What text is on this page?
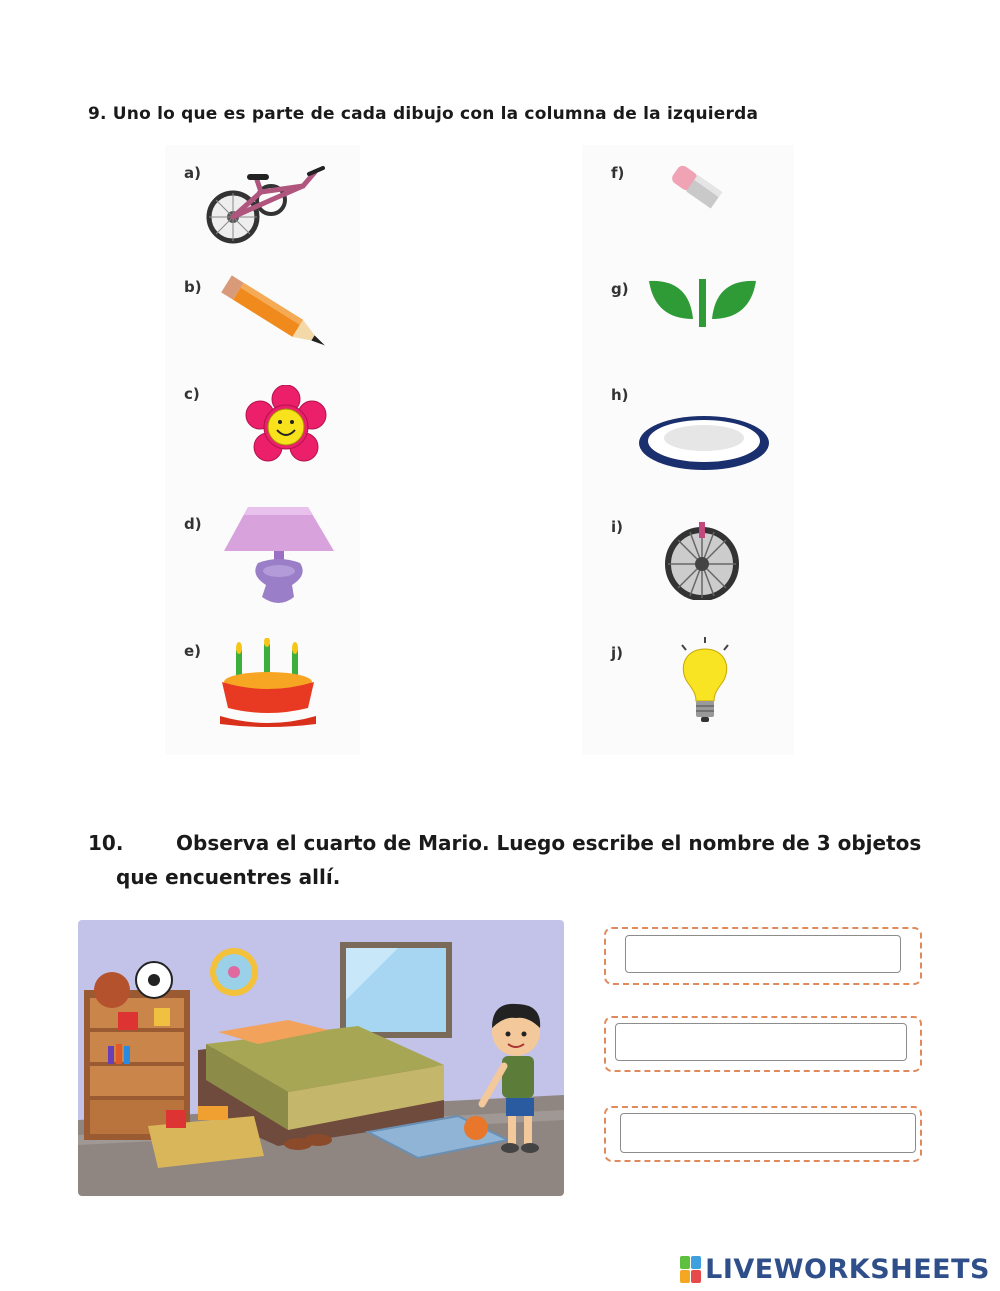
9. Uno lo que es parte de cada dibujo con la columna de la izquierda
a)
b)
c)
d)
e)
f)
g)
h)
i)
j)
10.	Observa el cuarto de Mario. Luego escribe el nombre de 3 objetos
que encuentres allí.
LIVEWORKSHEETS
